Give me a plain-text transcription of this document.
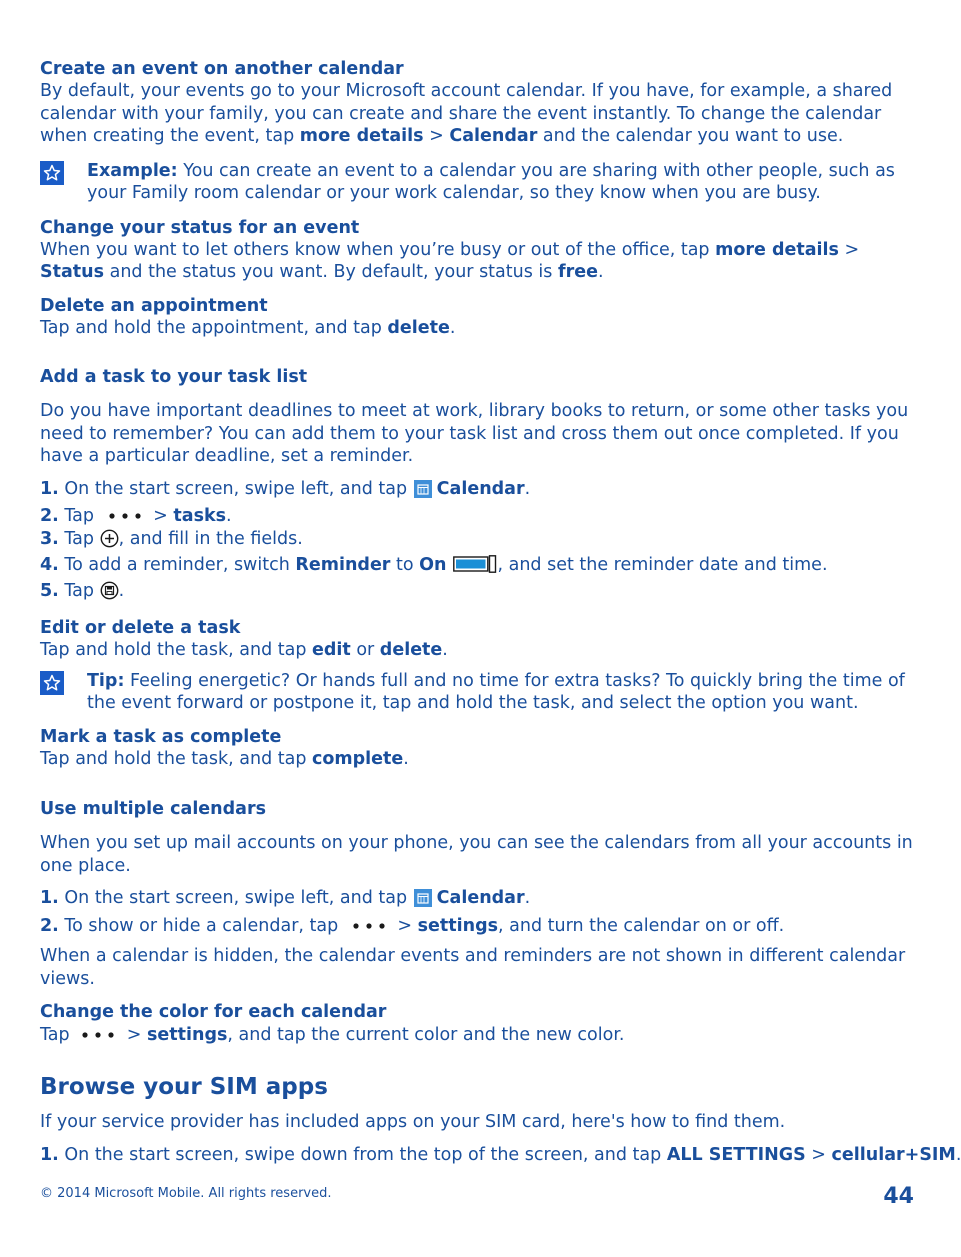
Create an event on another calendar

By default, your events go to your Microsoft account calendar. If you have, for example, a shared calendar with your family, you can create and share the event instantly. To change the calendar when creating the event, tap more details > Calendar and the calendar you want to use.

Example: You can create an event to a calendar you are sharing with other people, such as your Family room calendar or your work calendar, so they know when you are busy.

Change your status for an event

When you want to let others know when you’re busy or out of the office, tap more details > Status and the status you want. By default, your status is free.

Delete an appointment

Tap and hold the appointment, and tap delete.

Add a task to your task list

Do you have important deadlines to meet at work, library books to return, or some other tasks you need to remember? You can add them to your task list and cross them out once completed. If you have a particular deadline, set a reminder.

1. On the start screen, swipe left, and tap Calendar.

2. Tap	> tasks.

3. Tap , and fill in the fields.

4. To add a reminder, switch Reminder to On	, and set the reminder date and time.

5. Tap .

Edit or delete a task

Tap and hold the task, and tap edit or delete.

Tip: Feeling energetic? Or hands full and no time for extra tasks? To quickly bring the time of the event forward or postpone it, tap and hold the task, and select the option you want.

Mark a task as complete

Tap and hold the task, and tap complete.

Use multiple calendars

When you set up mail accounts on your phone, you can see the calendars from all your accounts in one place.

1. On the start screen, swipe left, and tap Calendar.

2. To show or hide a calendar, tap	> settings, and turn the calendar on or off.

When a calendar is hidden, the calendar events and reminders are not shown in different calendar views.

Change the color for each calendar

Tap	> settings, and tap the current color and the new color.

Browse your SIM apps

If your service provider has included apps on your SIM card, here's how to find them.

1. On the start screen, swipe down from the top of the screen, and tap ALL SETTINGS > cellular+SIM.

© 2014 Microsoft Mobile. All rights reserved.	44
